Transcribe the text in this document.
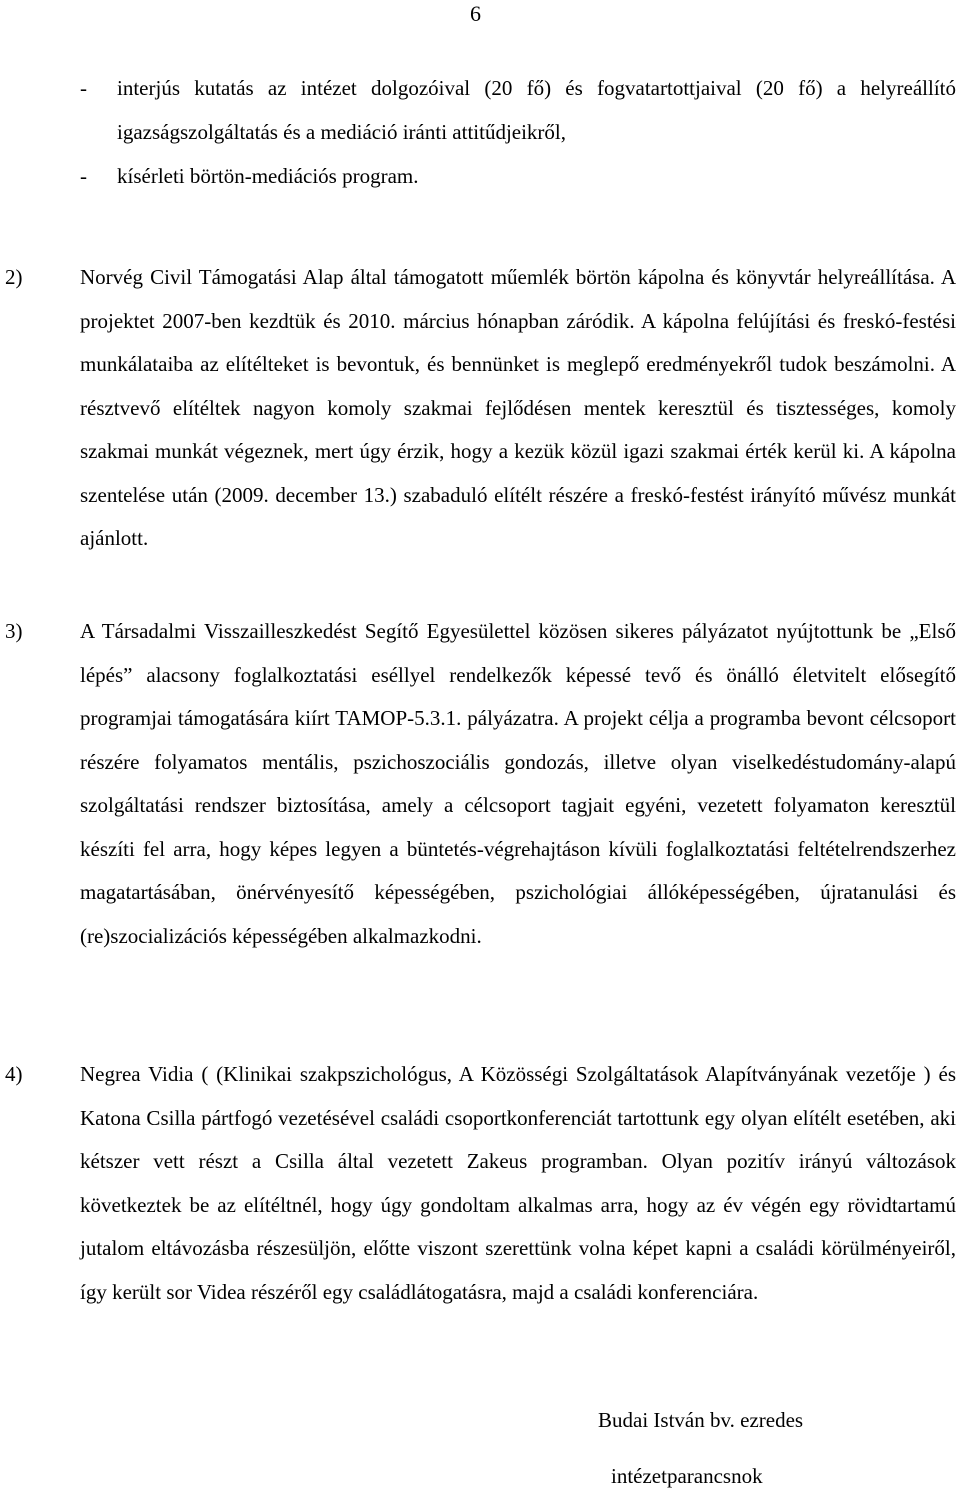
6
- interjús kutatás az intézet dolgozóival (20 fő) és fogvatartottjaival (20 fő) a helyreállító igazságszolgáltatás és a mediáció iránti attitűdjeikről,
- kísérleti börtön-mediációs program.
2)	Norvég Civil Támogatási Alap által támogatott műemlék börtön kápolna és könyvtár helyreállítása. A projektet 2007-ben kezdtük és 2010. március hónapban záródik. A kápolna felújítási és freskó-festési munkálataiba az elítélteket is bevontuk, és bennünket is meglepő eredményekről tudok beszámolni. A résztvevő elítéltek nagyon komoly szakmai fejlődésen mentek keresztül és tisztességes, komoly szakmai munkát végeznek, mert úgy érzik, hogy a kezük közül igazi szakmai érték kerül ki. A kápolna szentelése után (2009. december 13.) szabaduló elítélt részére a freskó-festést irányító művész munkát ajánlott.
3)	A Társadalmi Visszailleszkedést Segítő Egyesülettel közösen sikeres pályázatot nyújtottunk be „Első lépés” alacsony foglalkoztatási eséllyel rendelkezők képessé tevő és önálló életvitelt elősegítő programjai támogatására kiírt TAMOP-5.3.1. pályázatra. A projekt célja a programba bevont célcsoport részére folyamatos mentális, pszichoszociális gondozás, illetve olyan viselkedéstudomány-alapú szolgáltatási rendszer biztosítása, amely a célcsoport tagjait egyéni, vezetett folyamaton keresztül készíti fel arra, hogy képes legyen a büntetés-végrehajtáson kívüli foglalkoztatási feltételrendszerhez magatartásában, önérvényesítő képességében, pszichológiai állóképességében, újratanulási és (re)szocializációs képességében alkalmazkodni.
4)	Negrea Vidia ( (Klinikai szakpszichológus, A Közösségi Szolgáltatások Alapítványának vezetője ) és Katona Csilla pártfogó vezetésével családi csoportkonferenciát tartottunk egy olyan elítélt esetében, aki kétszer vett részt a Csilla által vezetett Zakeus programban. Olyan pozitív irányú változások következtek be az elítéltnél, hogy úgy gondoltam alkalmas arra, hogy az év végén egy rövidtartamú jutalom eltávozásba részesüljön, előtte viszont szerettünk volna képet kapni a családi körülményeiről, így került sor Videa részéről egy családlátogatásra, majd a családi konferenciára.
Budai István bv. ezredes
intézetparancsnok
